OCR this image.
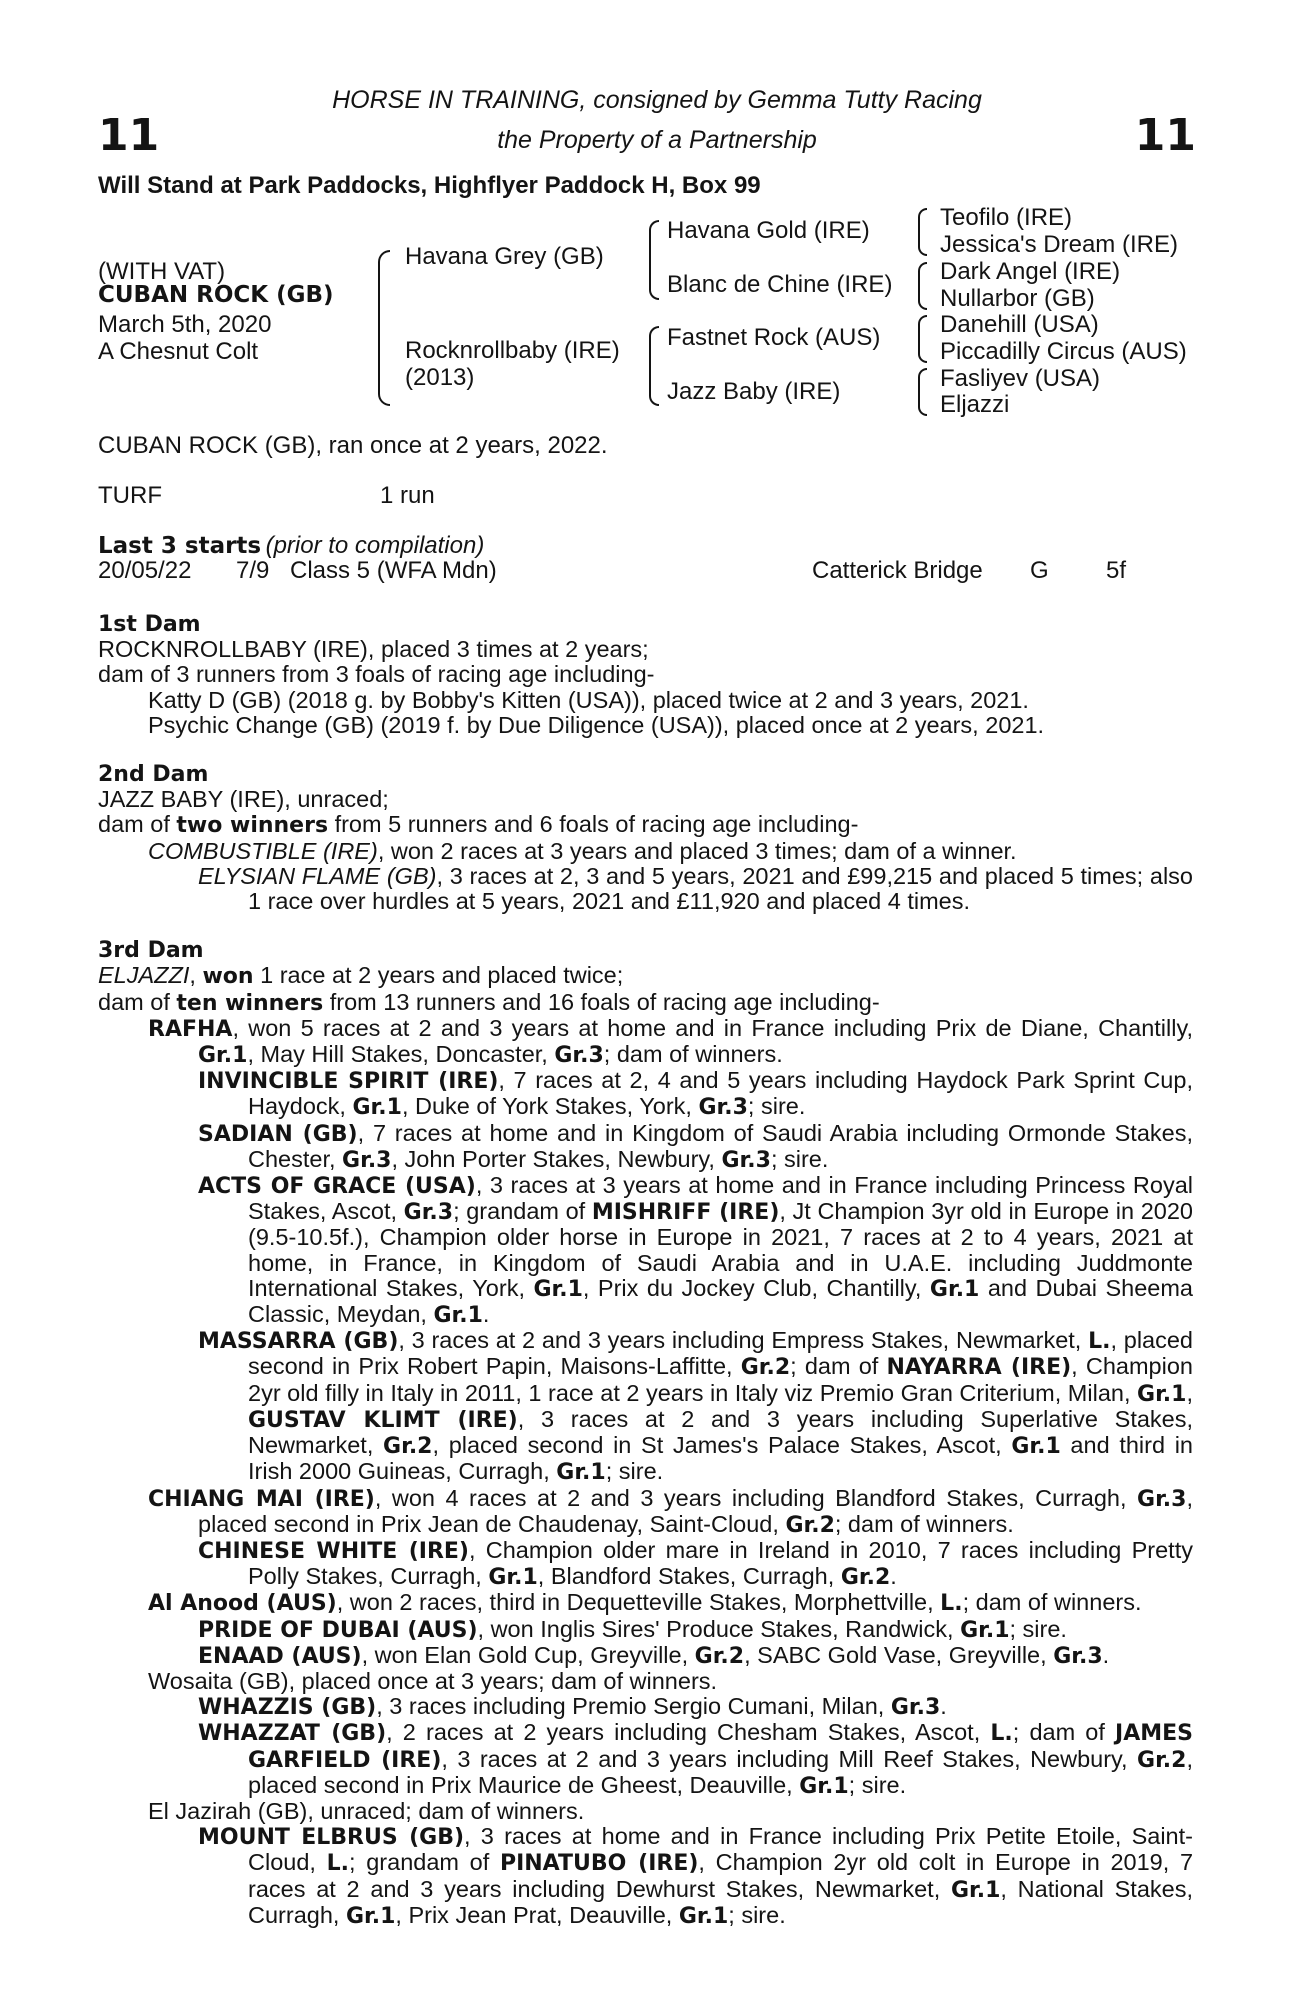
11	11
HORSE IN TRAINING, consigned by Gemma Tutty Racing
the Property of a Partnership
Will Stand at Park Paddocks, Highflyer Paddock H, Box 99
(WITH VAT)
CUBAN ROCK (GB)
March 5th, 2020
A Chesnut Colt
Havana Grey (GB)
Rocknrollbaby (IRE)
(2013)
Havana Gold (IRE)
Blanc de Chine (IRE)
Fastnet Rock (AUS)
Jazz Baby (IRE)
Teofilo (IRE)
Jessica's Dream (IRE)
Dark Angel (IRE)
Nullarbor (GB)
Danehill (USA)
Piccadilly Circus (AUS)
Fasliyev (USA)
Eljazzi
CUBAN ROCK (GB), ran once at 2 years, 2022.
TURF	1 run
Last 3 starts (prior to compilation)
20/05/22 7/9 Class 5 (WFA Mdn)	Catterick Bridge G 5f

1st Dam

ROCKNROLLBABY (IRE), placed 3 times at 2 years;

dam of 3 runners from 3 foals of racing age including-

Katty D (GB) (2018 g. by Bobby's Kitten (USA)), placed twice at 2 and 3 years, 2021.

Psychic Change (GB) (2019 f. by Due Diligence (USA)), placed once at 2 years, 2021.

2nd Dam

JAZZ BABY (IRE), unraced;

dam of two winners from 5 runners and 6 foals of racing age including-

COMBUSTIBLE (IRE), won 2 races at 3 years and placed 3 times; dam of a winner.

ELYSIAN FLAME (GB), 3 races at 2, 3 and 5 years, 2021 and £99,215 and placed 5 times; also 1 race over hurdles at 5 years, 2021 and £11,920 and placed 4 times.

3rd Dam

ELJAZZI, won 1 race at 2 years and placed twice;

dam of ten winners from 13 runners and 16 foals of racing age including-

RAFHA, won 5 races at 2 and 3 years at home and in France including Prix de Diane, Chantilly, Gr.1, May Hill Stakes, Doncaster, Gr.3; dam of winners.

INVINCIBLE SPIRIT (IRE), 7 races at 2, 4 and 5 years including Haydock Park Sprint Cup, Haydock, Gr.1, Duke of York Stakes, York, Gr.3; sire.

SADIAN (GB), 7 races at home and in Kingdom of Saudi Arabia including Ormonde Stakes, Chester, Gr.3, John Porter Stakes, Newbury, Gr.3; sire.

ACTS OF GRACE (USA), 3 races at 3 years at home and in France including Princess Royal Stakes, Ascot, Gr.3; grandam of MISHRIFF (IRE), Jt Champion 3yr old in Europe in 2020 (9.5-10.5f.), Champion older horse in Europe in 2021, 7 races at 2 to 4 years, 2021 at home, in France, in Kingdom of Saudi Arabia and in U.A.E. including Juddmonte International Stakes, York, Gr.1, Prix du Jockey Club, Chantilly, Gr.1 and Dubai Sheema Classic, Meydan, Gr.1.

MASSARRA (GB), 3 races at 2 and 3 years including Empress Stakes, Newmarket, L., placed second in Prix Robert Papin, Maisons-Laffitte, Gr.2; dam of NAYARRA (IRE), Champion 2yr old filly in Italy in 2011, 1 race at 2 years in Italy viz Premio Gran Criterium, Milan, Gr.1, GUSTAV KLIMT (IRE), 3 races at 2 and 3 years including Superlative Stakes, Newmarket, Gr.2, placed second in St James's Palace Stakes, Ascot, Gr.1 and third in Irish 2000 Guineas, Curragh, Gr.1; sire.

CHIANG MAI (IRE), won 4 races at 2 and 3 years including Blandford Stakes, Curragh, Gr.3, placed second in Prix Jean de Chaudenay, Saint-Cloud, Gr.2; dam of winners.

CHINESE WHITE (IRE), Champion older mare in Ireland in 2010, 7 races including Pretty Polly Stakes, Curragh, Gr.1, Blandford Stakes, Curragh, Gr.2.

Al Anood (AUS), won 2 races, third in Dequetteville Stakes, Morphettville, L.; dam of winners.

PRIDE OF DUBAI (AUS), won Inglis Sires' Produce Stakes, Randwick, Gr.1; sire.

ENAAD (AUS), won Elan Gold Cup, Greyville, Gr.2, SABC Gold Vase, Greyville, Gr.3.

Wosaita (GB), placed once at 3 years; dam of winners.

WHAZZIS (GB), 3 races including Premio Sergio Cumani, Milan, Gr.3.

WHAZZAT (GB), 2 races at 2 years including Chesham Stakes, Ascot, L.; dam of JAMES GARFIELD (IRE), 3 races at 2 and 3 years including Mill Reef Stakes, Newbury, Gr.2, placed second in Prix Maurice de Gheest, Deauville, Gr.1; sire.

El Jazirah (GB), unraced; dam of winners.

MOUNT ELBRUS (GB), 3 races at home and in France including Prix Petite Etoile, Saint-Cloud, L.; grandam of PINATUBO (IRE), Champion 2yr old colt in Europe in 2019, 7 races at 2 and 3 years including Dewhurst Stakes, Newmarket, Gr.1, National Stakes, Curragh, Gr.1, Prix Jean Prat, Deauville, Gr.1; sire.
